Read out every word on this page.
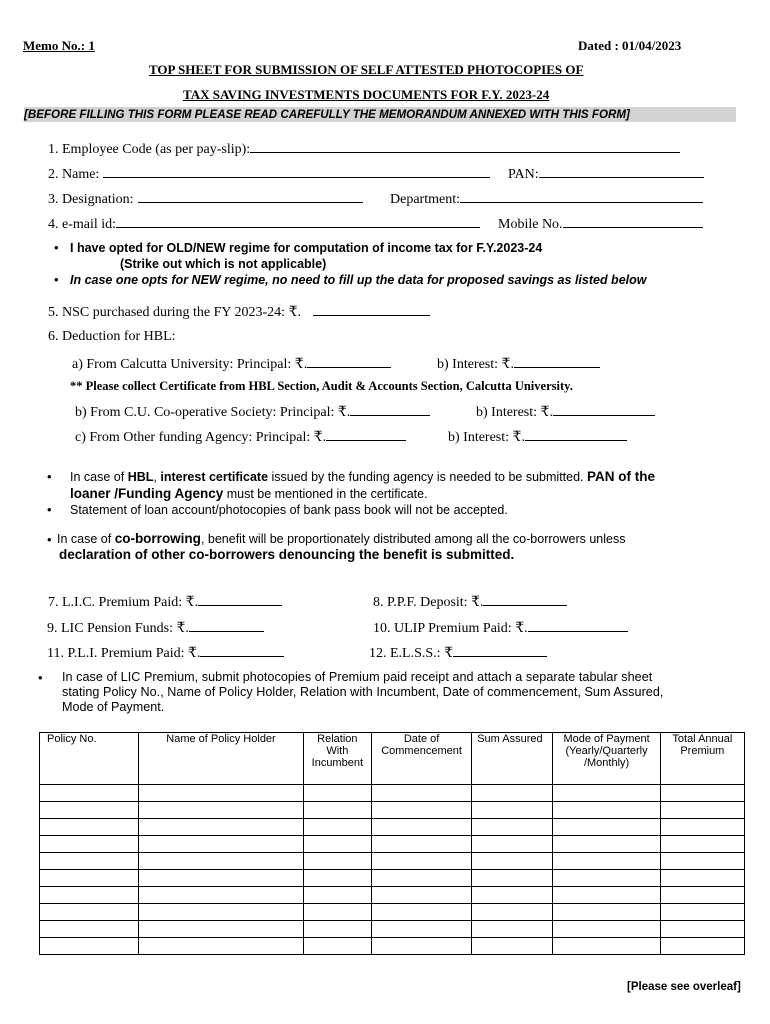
Memo No.: 1	Dated : 01/04/2023
TOP SHEET FOR SUBMISSION OF SELF ATTESTED PHOTOCOPIES OF
TAX SAVING INVESTMENTS DOCUMENTS FOR F.Y. 2023-24
[BEFORE FILLING THIS FORM PLEASE READ CAREFULLY THE MEMORANDUM ANNEXED WITH THIS FORM]
1. Employee Code (as per pay-slip):
2. Name:	PAN:
3. Designation:	Department:
4. e-mail id:	Mobile No.
• I have opted for OLD/NEW regime for computation of income tax for F.Y.2023-24
(Strike out which is not applicable)
• In case one opts for NEW regime, no need to fill up the data for proposed savings as listed below
5. NSC purchased during the FY 2023-24: ₹.
6. Deduction for HBL:
a) From Calcutta University: Principal: ₹.	b) Interest: ₹.
** Please collect Certificate from HBL Section, Audit & Accounts Section, Calcutta University.
b) From C.U. Co-operative Society: Principal: ₹.	b) Interest: ₹.
c) From Other funding Agency: Principal: ₹.	b) Interest: ₹.
• In case of HBL, interest certificate issued by the funding agency is needed to be submitted. PAN of the
loaner /Funding Agency must be mentioned in the certificate.
• Statement of loan account/photocopies of bank pass book will not be accepted.
• In case of co-borrowing, benefit will be proportionately distributed among all the co-borrowers unless
declaration of other co-borrowers denouncing the benefit is submitted.
7. L.I.C. Premium Paid: ₹.	8. P.P.F. Deposit: ₹.
9. LIC Pension Funds: ₹.	10. ULIP Premium Paid: ₹.
11. P.L.I. Premium Paid: ₹.	12. E.L.S.S.: ₹
• In case of LIC Premium, submit photocopies of Premium paid receipt and attach a separate tabular sheet
stating Policy No., Name of Policy Holder, Relation with Incumbent, Date of commencement, Sum Assured,
Mode of Payment.
Policy No.	Name of Policy Holder	Relation With Incumbent	Date of Commencement	Sum Assured	Mode of Payment (Yearly/Quarterly /Monthly)	Total Annual Premium

[Please see overleaf]
